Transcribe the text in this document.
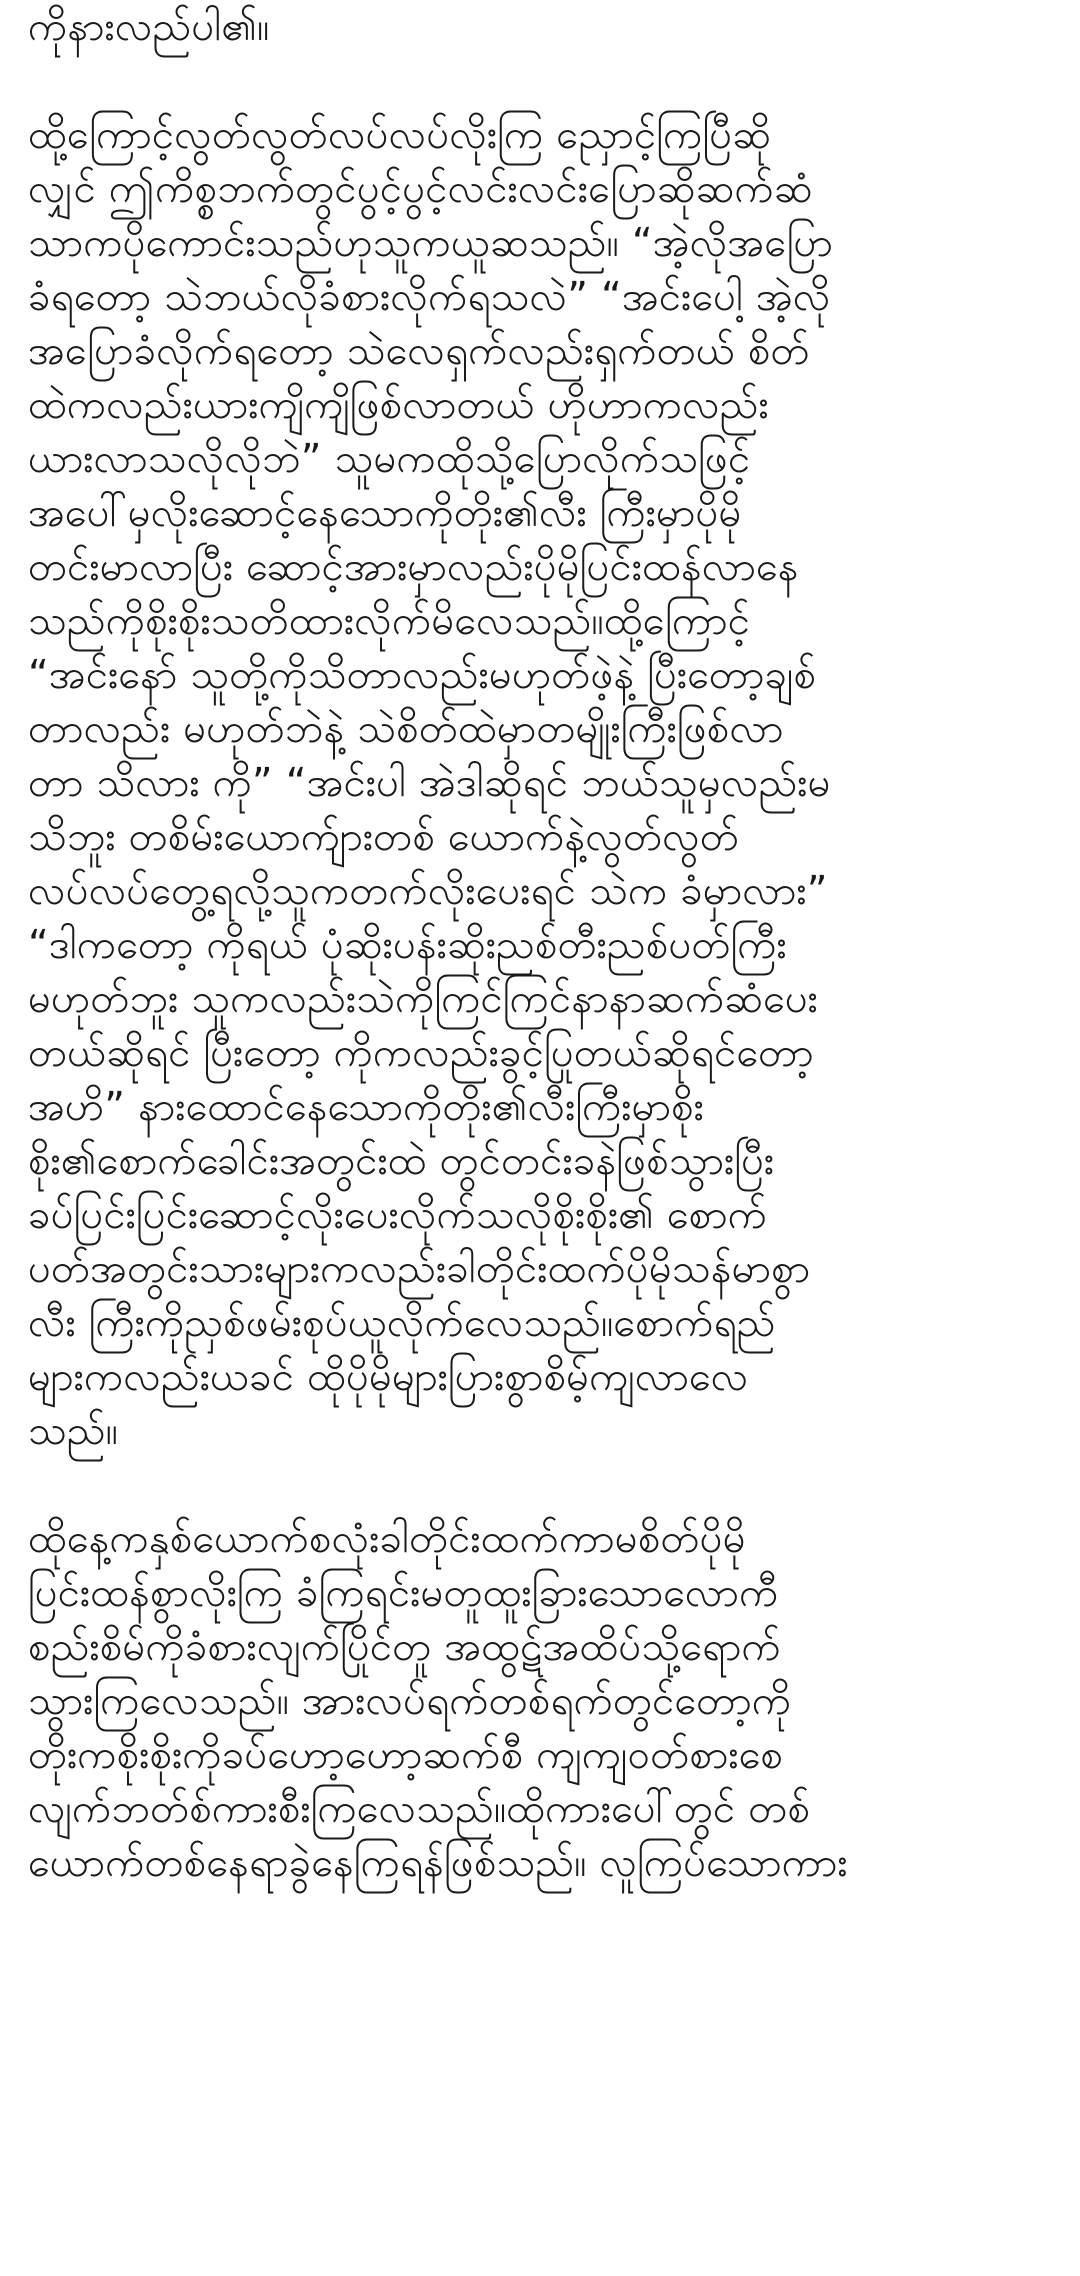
ကိုနားလည်ပါ၏။

ထို့ကြောင့်လွတ်လွတ်လပ်လပ်လိုးကြ ညှောင့်ကြပြီဆို
လျှင် ဤကိစ္စဘက်တွင်ပွင့်ပွင့်လင်းလင်းပြောဆိုဆက်ဆံ
သာကပိုကောင်းသည်ဟုသူကယူဆသည်။ “အဲ့လိုအပြော
ခံရတော့ သဲဘယ်လိုခံစားလိုက်ရသလဲ” “အင်းပေါ့ အဲ့လို
အပြောခံလိုက်ရတော့ သဲလေရှက်လည်းရှက်တယ် စိတ်
ထဲကလည်းယားကျိကျိဖြစ်လာတယ် ဟိုဟာကလည်း
ယားလာသလိုလိုဘဲ” သူမကထိုသို့ပြောလိုက်သဖြင့်
အပေါ်မှလိုးဆောင့်နေသောကိုတိုး၏လီး ကြီးမှာပိုမို
တင်းမာလာပြီး ဆောင့်အားမှာလည်းပိုမိုပြင်းထန်လာနေ
သည်ကိုစိုးစိုးသတိထားလိုက်မိလေသည်။ထို့ကြောင့်
“အင်းနော် သူတို့ကိုသိတာလည်းမဟုတ်ဖဲ့နဲ့ ပြီးတော့ချစ်
တာလည်း မဟုတ်ဘဲနဲ့ သဲစိတ်ထဲမှာတမျိုးကြီးဖြစ်လာ
တာ သိလား ကို” “အင်းပါ အဲဒါဆိုရင် ဘယ်သူမှလည်းမ
သိဘူး တစိမ်းယောက်ျားတစ် ယောက်နဲ့လွတ်လွတ်
လပ်လပ်တွေ့ရလို့သူကတက်လိုးပေးရင် သဲက ခံမှာလား”
“ဒါကတော့ ကိုရယ် ပုံဆိုးပန်းဆိုးညစ်တီးညစ်ပတ်ကြီး
မဟုတ်ဘူး သူကလည်းသဲကိုကြင်ကြင်နာနာဆက်ဆံပေး
တယ်ဆိုရင် ပြီးတော့ ကိုကလည်းခွင့်ပြုတယ်ဆိုရင်တော့
အဟိ” နားထောင်နေသောကိုတိုး၏လီးကြီးမှာစိုး
စိုး၏စောက်ခေါင်းအတွင်းထဲ တွင်တင်းခနဲဖြစ်သွားပြီး
ခပ်ပြင်းပြင်းဆောင့်လိုးပေးလိုက်သလိုစိုးစိုး၏ စောက်
ပတ်အတွင်းသားများကလည်းခါတိုင်းထက်ပိုမိုသန်မာစွာ
လီး ကြီးကိုညှစ်ဖမ်းစုပ်ယူလိုက်လေသည်။စောက်ရည်
များကလည်းယခင် ထိုပိုမိုများပြားစွာစိမ့်ကျလာလေ
သည်။

ထိုနေ့ကနှစ်ယောက်စလုံးခါတိုင်းထက်ကာမစိတ်ပိုမို
ပြင်းထန်စွာလိုးကြ ခံကြရင်းမတူထူးခြားသောလောကီ
စည်းစိမ်ကိုခံစားလျက်ပြိုင်တူ အထွဋ်အထိပ်သို့ရောက်
သွားကြလေသည်။ အားလပ်ရက်တစ်ရက်တွင်တော့ကို
တိုးကစိုးစိုးကိုခပ်ဟော့ဟော့ဆက်စီ ကျကျဝတ်စားစေ
လျက်ဘတ်စ်ကားစီးကြလေသည်။ထိုကားပေါ်တွင် တစ်
ယောက်တစ်နေရာခွဲနေကြရန်ဖြစ်သည်။ လူကြပ်သောကား
